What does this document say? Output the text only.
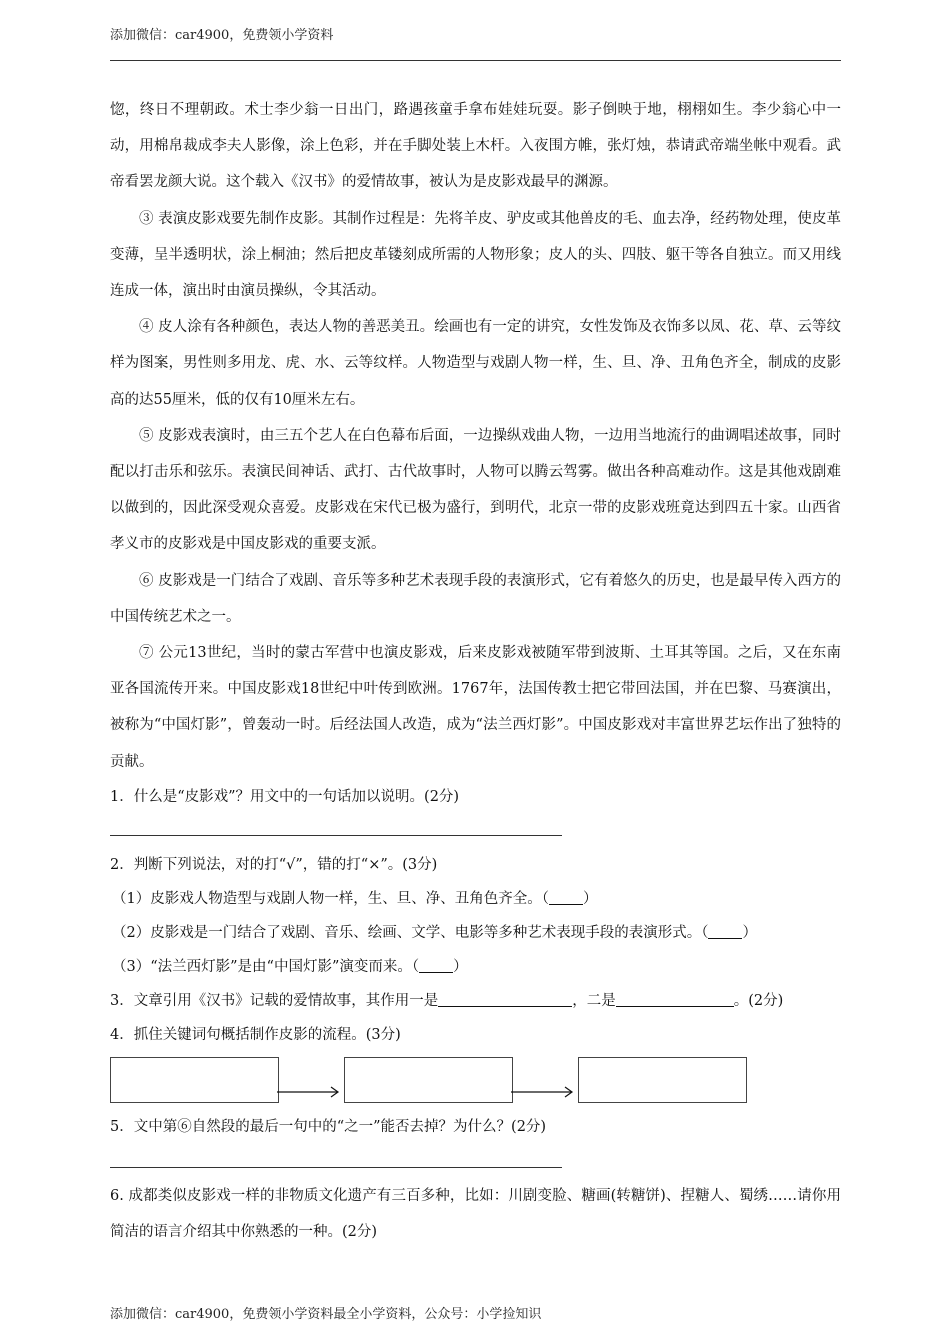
添加微信：car4900，免费领小学资料

惚，终日不理朝政。术士李少翁一日出门，路遇孩童手拿布娃娃玩耍。影子倒映于地，栩栩如生。李少翁心中一动，用棉帛裁成李夫人影像，涂上色彩，并在手脚处装上木杆。入夜围方帷，张灯烛，恭请武帝端坐帐中观看。武帝看罢龙颜大说。这个载入《汉书》的爱情故事，被认为是皮影戏最早的渊源。

③ 表演皮影戏要先制作皮影。其制作过程是：先将羊皮、驴皮或其他兽皮的毛、血去净，经药物处理，使皮革变薄，呈半透明状，涂上桐油；然后把皮革镂刻成所需的人物形象；皮人的头、四肢、躯干等各自独立。而又用线连成一体，演出时由演员操纵，令其活动。

④ 皮人涂有各种颜色，表达人物的善恶美丑。绘画也有一定的讲究，女性发饰及衣饰多以凤、花、草、云等纹样为图案，男性则多用龙、虎、水、云等纹样。人物造型与戏剧人物一样，生、旦、净、丑角色齐全，制成的皮影高的达55厘米，低的仅有10厘米左右。

⑤ 皮影戏表演时，由三五个艺人在白色幕布后面，一边操纵戏曲人物，一边用当地流行的曲调唱述故事，同时配以打击乐和弦乐。表演民间神话、武打、古代故事时，人物可以腾云驾雾。做出各种高难动作。这是其他戏剧难以做到的，因此深受观众喜爱。皮影戏在宋代已极为盛行，到明代，北京一带的皮影戏班竟达到四五十家。山西省孝义市的皮影戏是中国皮影戏的重要支派。

⑥ 皮影戏是一门结合了戏剧、音乐等多种艺术表现手段的表演形式，它有着悠久的历史，也是最早传入西方的中国传统艺术之一。

⑦ 公元13世纪，当时的蒙古军营中也演皮影戏，后来皮影戏被随军带到波斯、土耳其等国。之后，又在东南亚各国流传开来。中国皮影戏18世纪中叶传到欧洲。1767年，法国传教士把它带回法国，并在巴黎、马赛演出，被称为“中国灯影”，曾轰动一时。后经法国人改造，成为“法兰西灯影”。中国皮影戏对丰富世界艺坛作出了独特的贡献。

1．什么是“皮影戏”？用文中的一句话加以说明。(2分)

2．判断下列说法，对的打“√”，错的打“×”。(3分)

（1）皮影戏人物造型与戏剧人物一样，生、旦、净、丑角色齐全。（ ）

（2）皮影戏是一门结合了戏剧、音乐、绘画、文学、电影等多种艺术表现手段的表演形式。（ ）

（3）“法兰西灯影”是由“中国灯影”演变而来。（ ）

3．文章引用《汉书》记载的爱情故事，其作用一是	，二是	。(2分)

4．抓住关键词句概括制作皮影的流程。(3分)

5．文中第⑥自然段的最后一句中的“之一”能否去掉？为什么？(2分)

6. 成都类似皮影戏一样的非物质文化遗产有三百多种，比如：川剧变脸、糖画(转糖饼)、捏糖人、蜀绣……请你用简洁的语言介绍其中你熟悉的一种。(2分)

添加微信：car4900，免费领小学资料最全小学资料，公众号：小学捡知识
